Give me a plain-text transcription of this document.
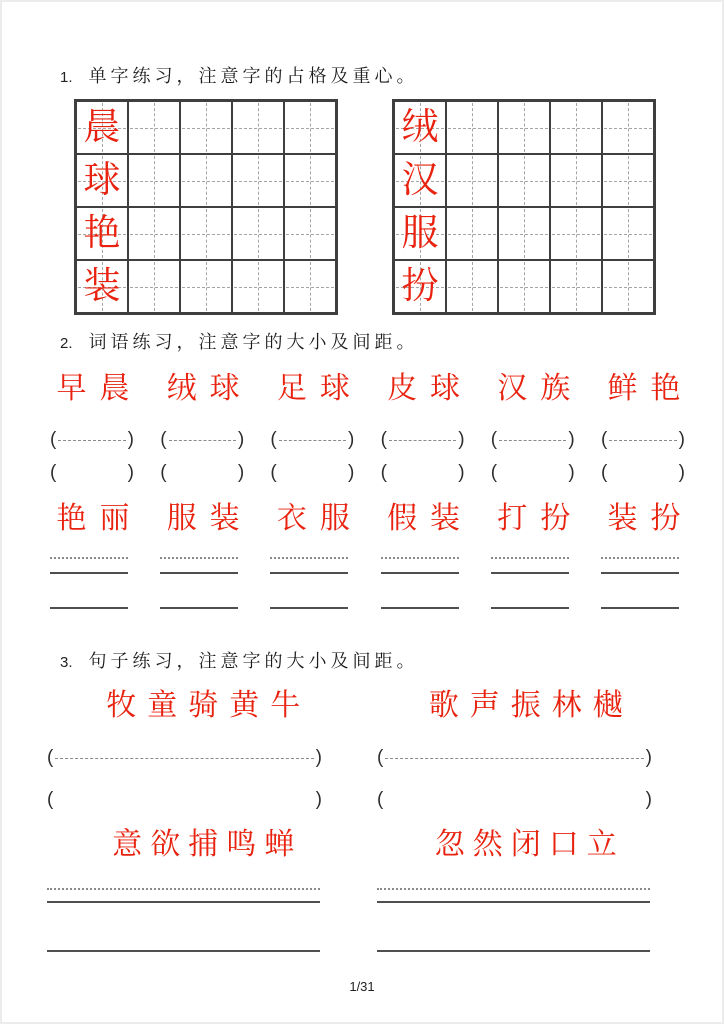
1. 单字练习，注意字的占格及重心。
晨
球
艳
装
绒
汉
服
扮
2. 词语练习，注意字的大小及间距。
早晨 绒球 足球 皮球 汉族 鲜艳
(	) (	) (	) (	) (	) (	)
(	) (	) (	) (	) (	) (	)
艳丽 服装 衣服 假装 打扮 装扮
3. 句子练习，注意字的大小及间距。
牧童骑黄牛	歌声振林樾
(	)	(	)
(	)	(	)
意欲捕鸣蝉	忽然闭口立
1/31
